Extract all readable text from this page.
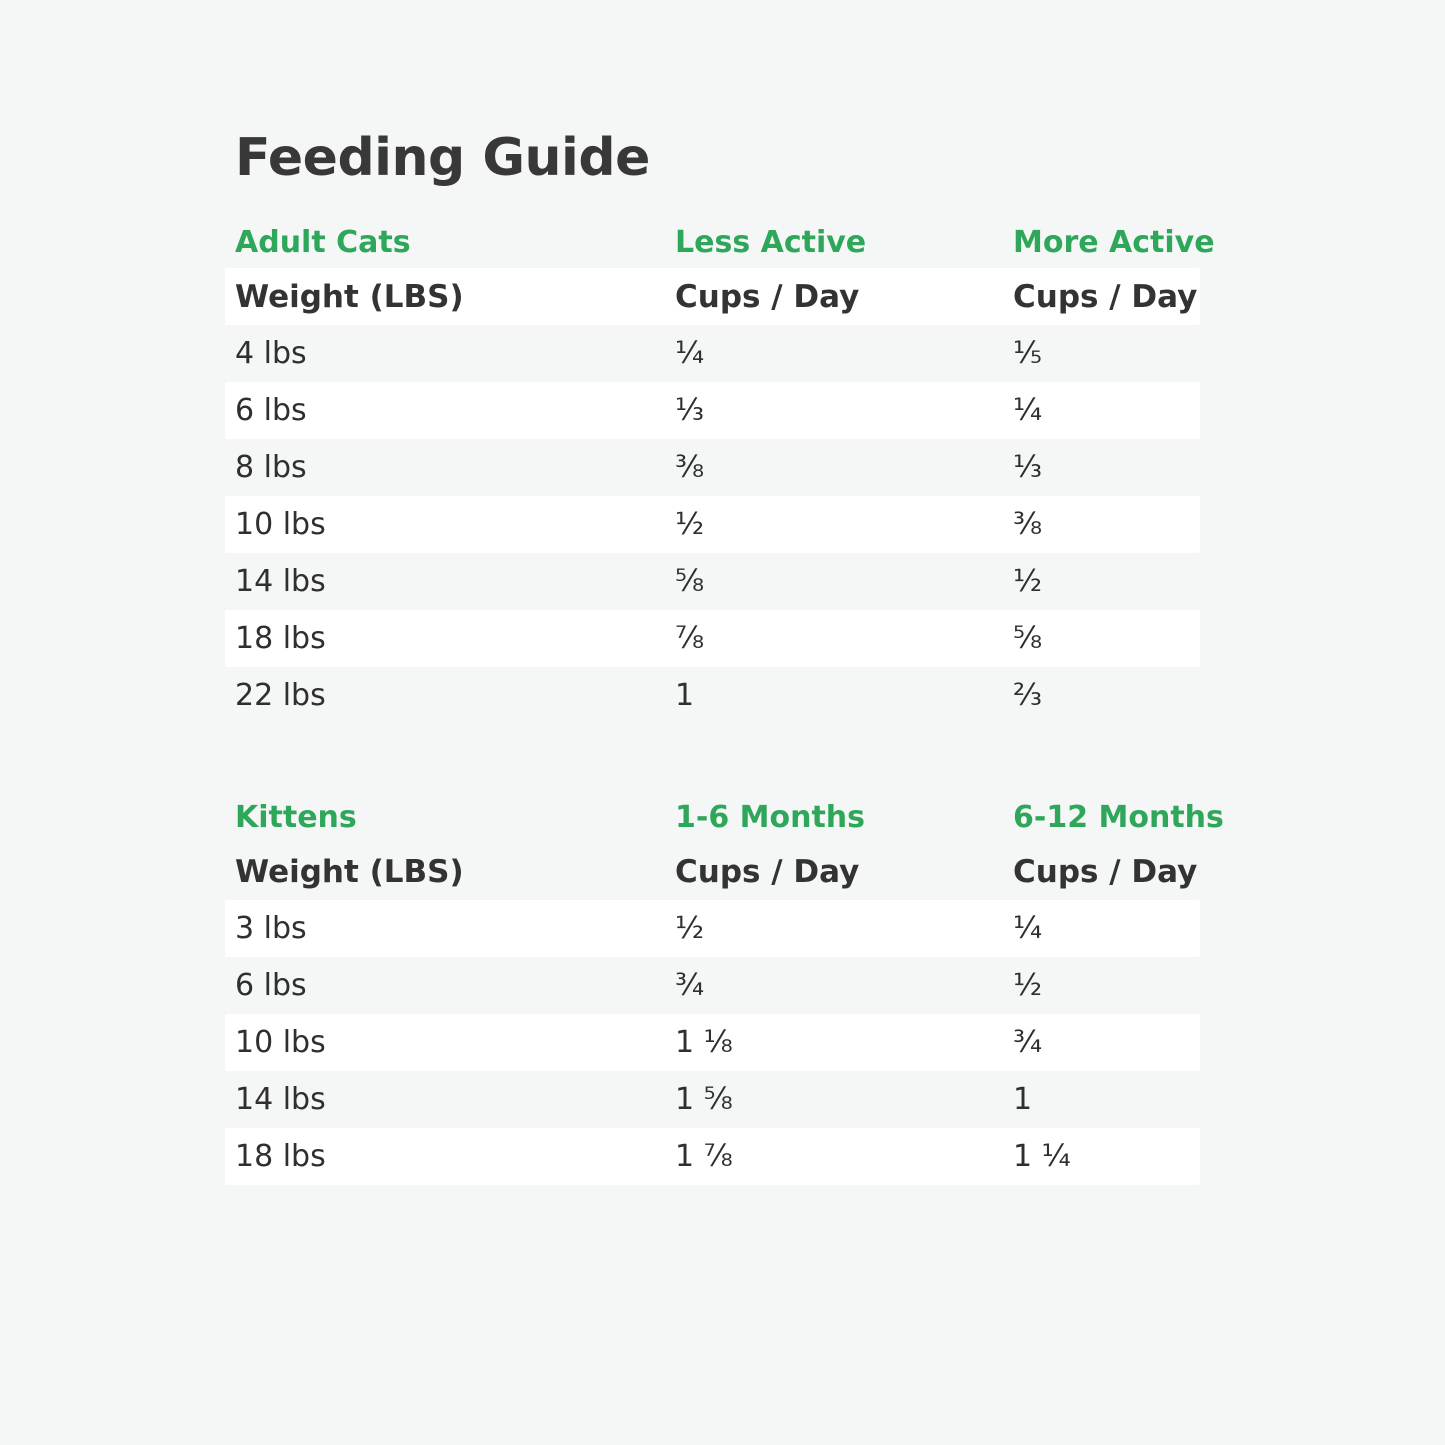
Feeding Guide
Adult Cats	Less Active	More Active
Weight (LBS)	Cups / Day	Cups / Day
4 lbs	¼	⅕
6 lbs	⅓	¼
8 lbs	⅜	⅓
10 lbs	½	⅜
14 lbs	⅝	½
18 lbs	⅞	⅝
22 lbs	1	⅔
Kittens	1-6 Months	6-12 Months
Weight (LBS)	Cups / Day	Cups / Day
3 lbs	½	¼
6 lbs	¾	½
10 lbs	1 ⅛	¾
14 lbs	1 ⅝	1
18 lbs	1 ⅞	1 ¼
